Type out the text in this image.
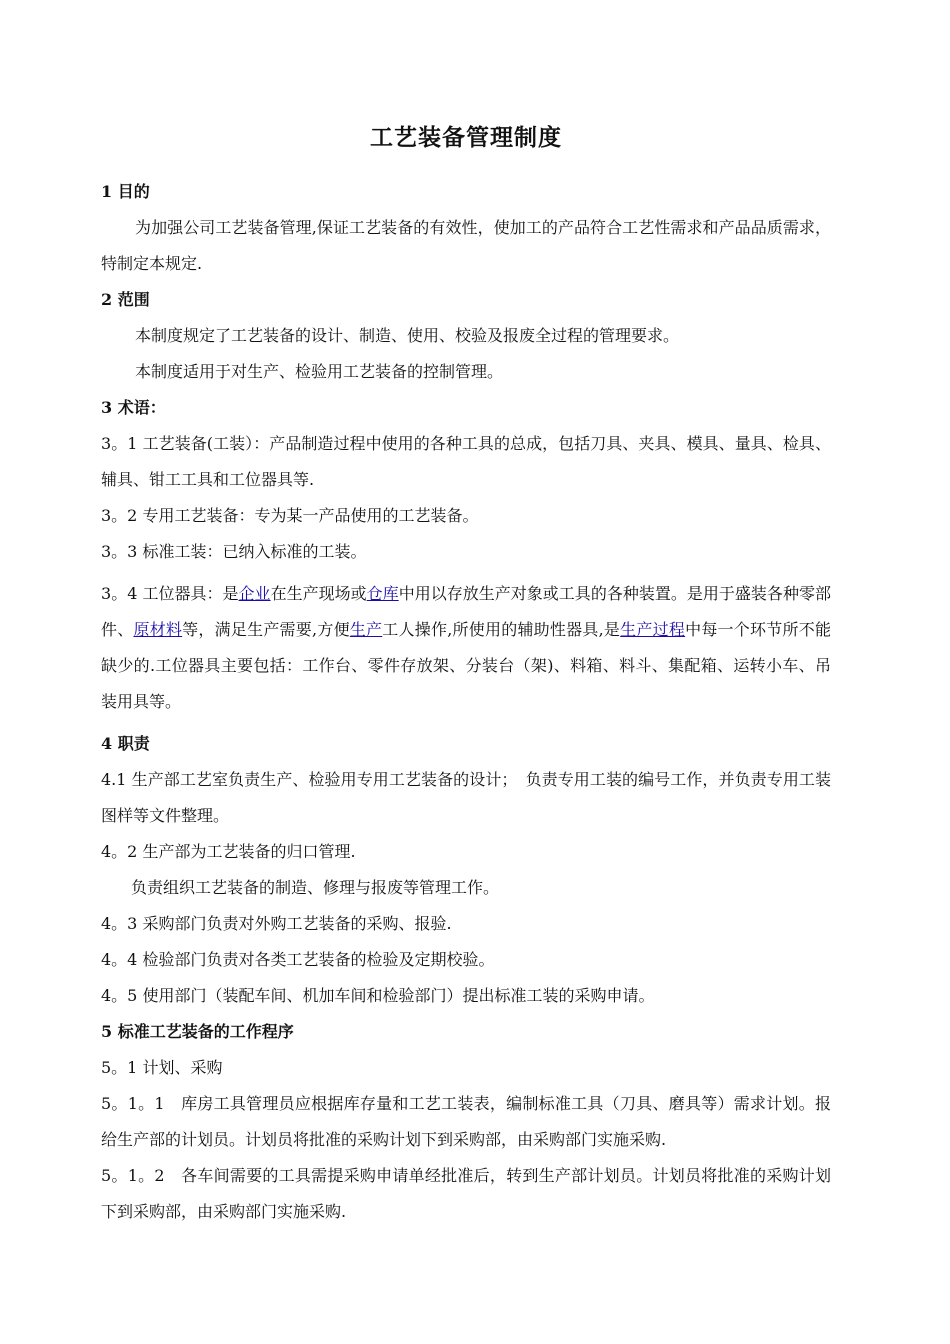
工艺装备管理制度
1 目的
为加强公司工艺装备管理,保证工艺装备的有效性，使加工的产品符合工艺性需求和产品品质需求，特制定本规定.
2 范围
本制度规定了工艺装备的设计、制造、使用、校验及报废全过程的管理要求。
本制度适用于对生产、检验用工艺装备的控制管理。
3 术语：
3。1 工艺装备(工装）：产品制造过程中使用的各种工具的总成，包括刀具、夹具、模具、量具、检具、辅具、钳工工具和工位器具等.
3。2 专用工艺装备：专为某一产品使用的工艺装备。
3。3 标准工装：已纳入标准的工装。
3。4 工位器具：是企业在生产现场或仓库中用以存放生产对象或工具的各种装置。是用于盛装各种零部件、原材料等，满足生产需要,方便生产工人操作,所使用的辅助性器具,是生产过程中每一个环节所不能缺少的.工位器具主要包括：工作台、零件存放架、分装台（架)、料箱、料斗、集配箱、运转小车、吊装用具等。
4 职责
4.1 生产部工艺室负责生产、检验用专用工艺装备的设计；　负责专用工装的编号工作，并负责专用工装图样等文件整理。
4。2 生产部为工艺装备的归口管理.
负责组织工艺装备的制造、修理与报废等管理工作。
4。3 采购部门负责对外购工艺装备的采购、报验.
4。4 检验部门负责对各类工艺装备的检验及定期校验。
4。5 使用部门（装配车间、机加车间和检验部门）提出标准工装的采购申请。
5 标准工艺装备的工作程序
5。1 计划、采购
5。1。1　库房工具管理员应根据库存量和工艺工装表，编制标准工具（刀具、磨具等）需求计划。报给生产部的计划员。计划员将批准的采购计划下到采购部，由采购部门实施采购.
5。1。2　各车间需要的工具需提采购申请单经批准后，转到生产部计划员。计划员将批准的采购计划下到采购部，由采购部门实施采购.
